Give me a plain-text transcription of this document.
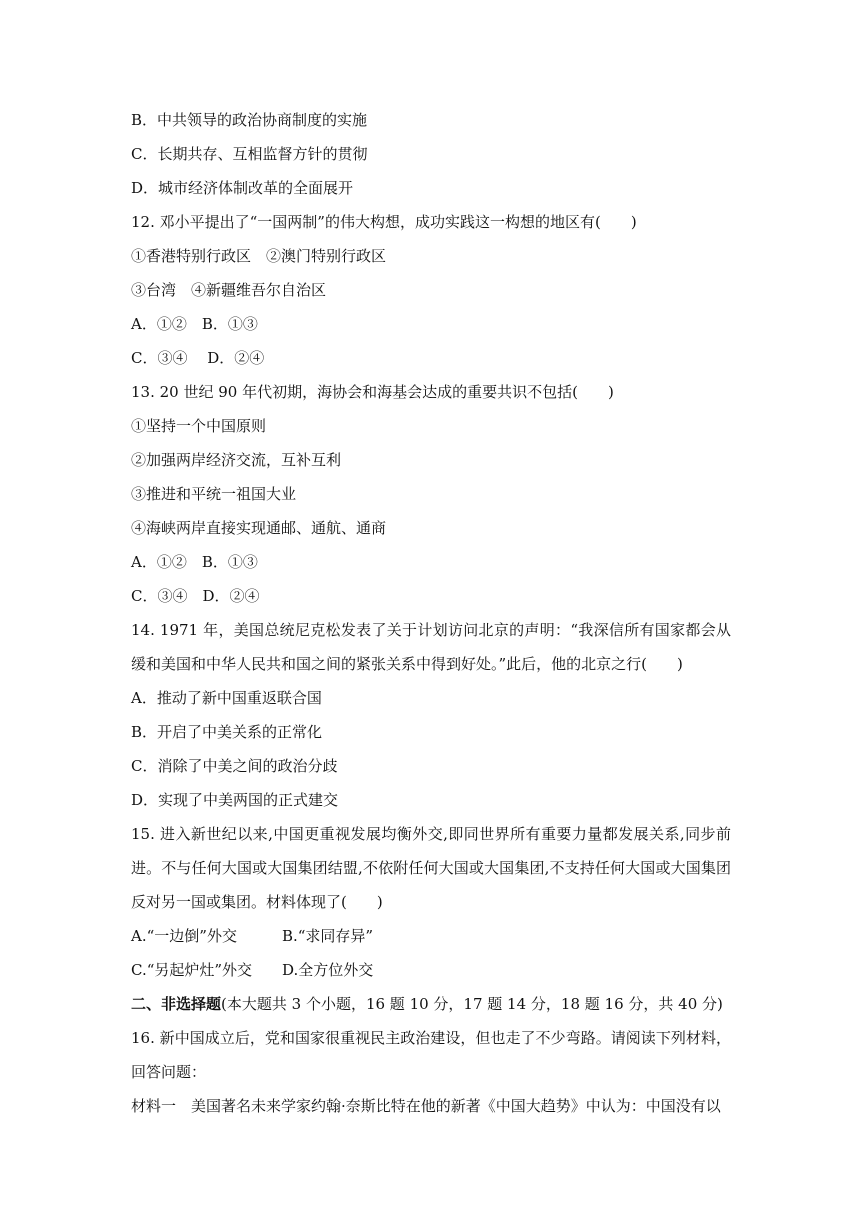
B．中共领导的政治协商制度的实施
C．长期共存、互相监督方针的贯彻
D．城市经济体制改革的全面展开
12. 邓小平提出了“一国两制”的伟大构想，成功实践这一构想的地区有(　　)
①香港特别行政区　②澳门特别行政区
③台湾　④新疆维吾尔自治区
A．①②　B．①③
C．③④　 D．②④
13. 20 世纪 90 年代初期，海协会和海基会达成的重要共识不包括(　　)
①坚持一个中国原则
②加强两岸经济交流，互补互利
③推进和平统一祖国大业
④海峡两岸直接实现通邮、通航、通商
A．①②　B．①③
C．③④　D．②④
14. 1971 年，美国总统尼克松发表了关于计划访问北京的声明：“我深信所有国家都会从缓和美国和中华人民共和国之间的紧张关系中得到好处。”此后，他的北京之行(　　)
A．推动了新中国重返联合国
B．开启了中美关系的正常化
C．消除了中美之间的政治分歧
D．实现了中美两国的正式建交
15. 进入新世纪以来,中国更重视发展均衡外交,即同世界所有重要力量都发展关系,同步前进。不与任何大国或大国集团结盟,不依附任何大国或大国集团,不支持任何大国或大国集团反对另一国或集团。材料体现了(　　)
A.“一边倒”外交　　　B.“求同存异”
C.“另起炉灶”外交　　D.全方位外交
二、非选择题(本大题共 3 个小题，16 题 10 分，17 题 14 分，18 题 16 分，共 40 分)
16. 新中国成立后，党和国家很重视民主政治建设，但也走了不少弯路。请阅读下列材料，回答问题：
材料一　美国著名未来学家约翰·奈斯比特在他的新著《中国大趋势》中认为：中国没有以
